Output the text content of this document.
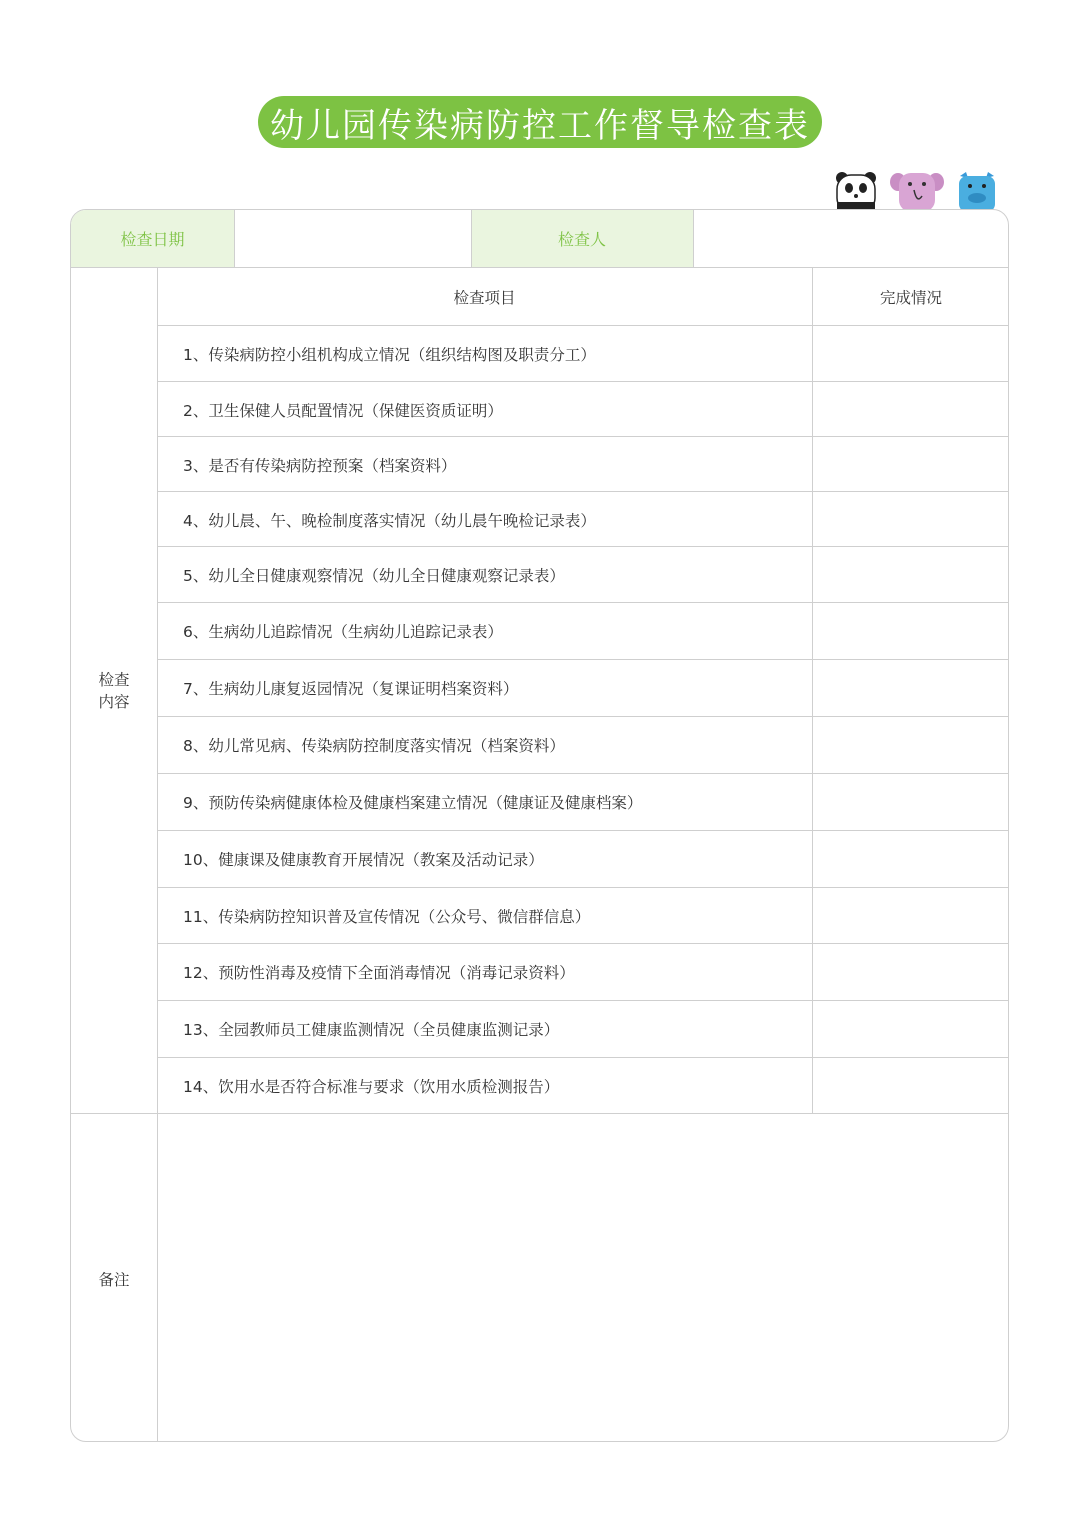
幼儿园传染病防控工作督导检查表
检查日期	检查人
检查
内容
检查项目	完成情况
1、传染病防控小组机构成立情况（组织结构图及职责分工）
2、卫生保健人员配置情况（保健医资质证明）
3、是否有传染病防控预案（档案资料）
4、幼儿晨、午、晚检制度落实情况（幼儿晨午晚检记录表）
5、幼儿全日健康观察情况（幼儿全日健康观察记录表）
6、生病幼儿追踪情况（生病幼儿追踪记录表）
7、生病幼儿康复返园情况（复课证明档案资料）
8、幼儿常见病、传染病防控制度落实情况（档案资料）
9、预防传染病健康体检及健康档案建立情况（健康证及健康档案）
10、健康课及健康教育开展情况（教案及活动记录）
11、传染病防控知识普及宣传情况（公众号、微信群信息）
12、预防性消毒及疫情下全面消毒情况（消毒记录资料）
13、全园教师员工健康监测情况（全员健康监测记录）
14、饮用水是否符合标准与要求（饮用水质检测报告）
备注
